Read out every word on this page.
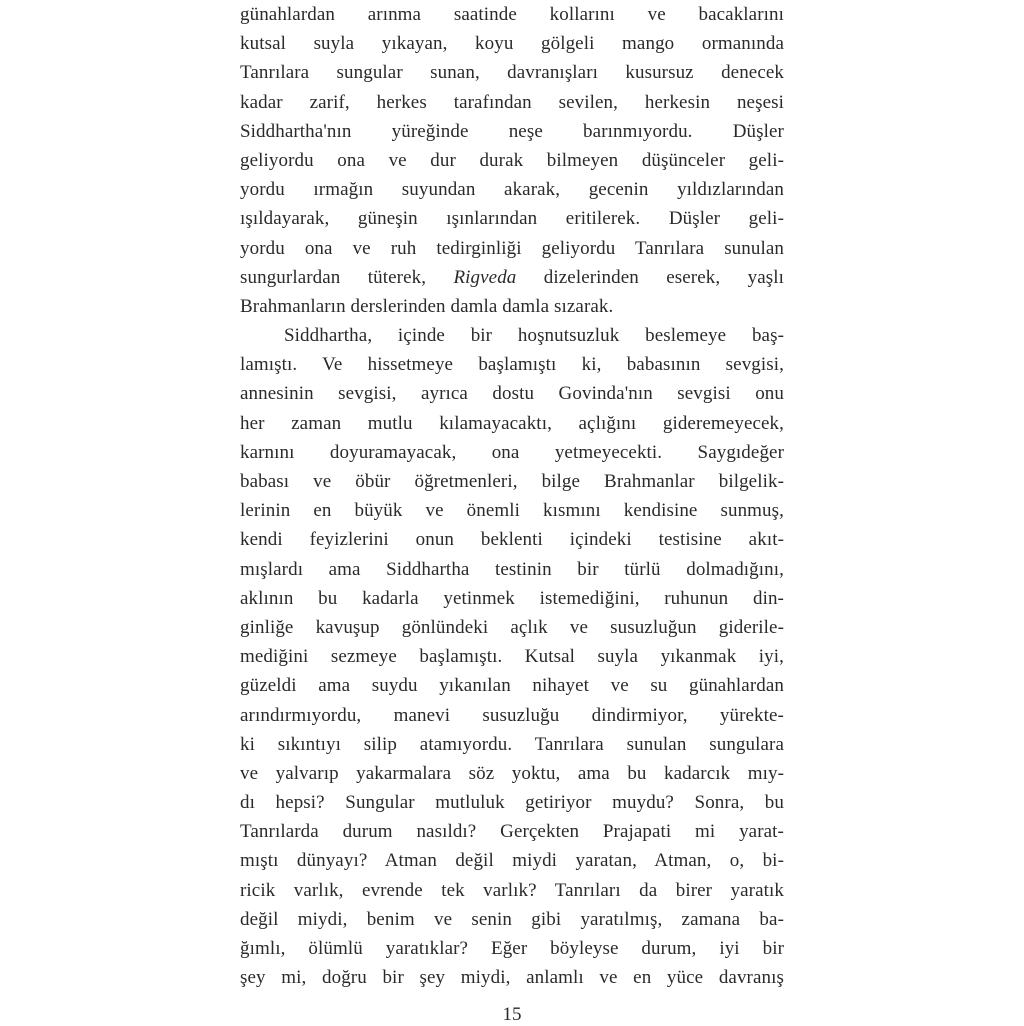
günahlardan arınma saatinde kollarını ve bacaklarını
kutsal suyla yıkayan, koyu gölgeli mango ormanında
Tanrılara sungular sunan, davranışları kusursuz denecek
kadar zarif, herkes tarafından sevilen, herkesin neşesi
Siddhartha'nın yüreğinde neşe barınmıyordu. Düşler
geliyordu ona ve dur durak bilmeyen düşünceler geli-
yordu ırmağın suyundan akarak, gecenin yıldızlarından
ışıldayarak, güneşin ışınlarından eritilerek. Düşler geli-
yordu ona ve ruh tedirginliği geliyordu Tanrılara sunulan
sungurlardan tüterek, Rigveda dizelerinden eserek, yaşlı
Brahmanların derslerinden damla damla sızarak.
Siddhartha, içinde bir hoşnutsuzluk beslemeye baş-
lamıştı. Ve hissetmeye başlamıştı ki, babasının sevgisi,
annesinin sevgisi, ayrıca dostu Govinda'nın sevgisi onu
her zaman mutlu kılamayacaktı, açlığını gideremeyecek,
karnını doyuramayacak, ona yetmeyecekti. Saygıdeğer
babası ve öbür öğretmenleri, bilge Brahmanlar bilgelik-
lerinin en büyük ve önemli kısmını kendisine sunmuş,
kendi feyizlerini onun beklenti içindeki testisine akıt-
mışlardı ama Siddhartha testinin bir türlü dolmadığını,
aklının bu kadarla yetinmek istemediğini, ruhunun din-
ginliğe kavuşup gönlündeki açlık ve susuzluğun giderile-
mediğini sezmeye başlamıştı. Kutsal suyla yıkanmak iyi,
güzeldi ama suydu yıkanılan nihayet ve su günahlardan
arındırmıyordu, manevi susuzluğu dindirmiyor, yürekte-
ki sıkıntıyı silip atamıyordu. Tanrılara sunulan sungulara
ve yalvarıp yakarmalara söz yoktu, ama bu kadarcık mıy-
dı hepsi? Sungular mutluluk getiriyor muydu? Sonra, bu
Tanrılarda durum nasıldı? Gerçekten Prajapati mi yarat-
mıştı dünyayı? Atman değil miydi yaratan, Atman, o, bi-
ricik varlık, evrende tek varlık? Tanrıları da birer yaratık
değil miydi, benim ve senin gibi yaratılmış, zamana ba-
ğımlı, ölümlü yaratıklar? Eğer böyleyse durum, iyi bir
şey mi, doğru bir şey miydi, anlamlı ve en yüce davranış
15
